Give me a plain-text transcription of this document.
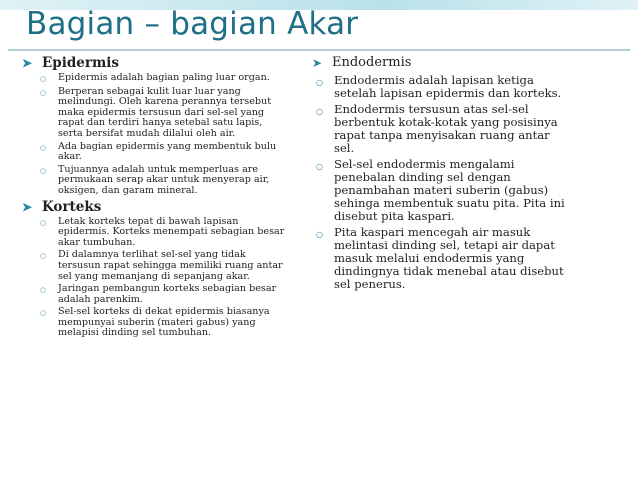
Bagian – bagian Akar
➤ Epidermis
○ Epidermis adalah bagian paling luar organ.
○ Berperan sebagai kulit luar luar yang melindungi. Oleh karena perannya tersebut maka epidermis tersusun dari sel-sel yang rapat dan terdiri hanya setebal satu lapis, serta bersifat mudah dilalui oleh air.
○ Ada bagian epidermis yang membentuk bulu akar.
○ Tujuannya adalah untuk memperluas are permukaan serap akar untuk menyerap air, oksigen, dan garam mineral.
➤ Korteks
○ Letak korteks tepat di bawah lapisan epidermis. Korteks menempati sebagian besar akar tumbuhan.
○ Di dalamnya terlihat sel-sel yang tidak tersusun rapat sehingga memiliki ruang antar sel yang memanjang di sepanjang akar.
○ Jaringan pembangun korteks sebagian besar adalah parenkim.
○ Sel-sel korteks di dekat epidermis biasanya mempunyai suberin (materi gabus) yang melapisi dinding sel tumbuhan.
➤ Endodermis
○ Endodermis adalah lapisan ketiga setelah lapisan epidermis dan korteks.
○ Endodermis tersusun atas sel-sel berbentuk kotak-kotak yang posisinya rapat tanpa menyisakan ruang antar sel.
○ Sel-sel endodermis mengalami penebalan dinding sel dengan penambahan materi suberin (gabus) sehinga membentuk suatu pita. Pita ini disebut pita kaspari.
○ Pita kaspari mencegah air masuk melintasi dinding sel, tetapi air dapat masuk melalui endodermis yang dindingnya tidak menebal atau disebut sel penerus.
